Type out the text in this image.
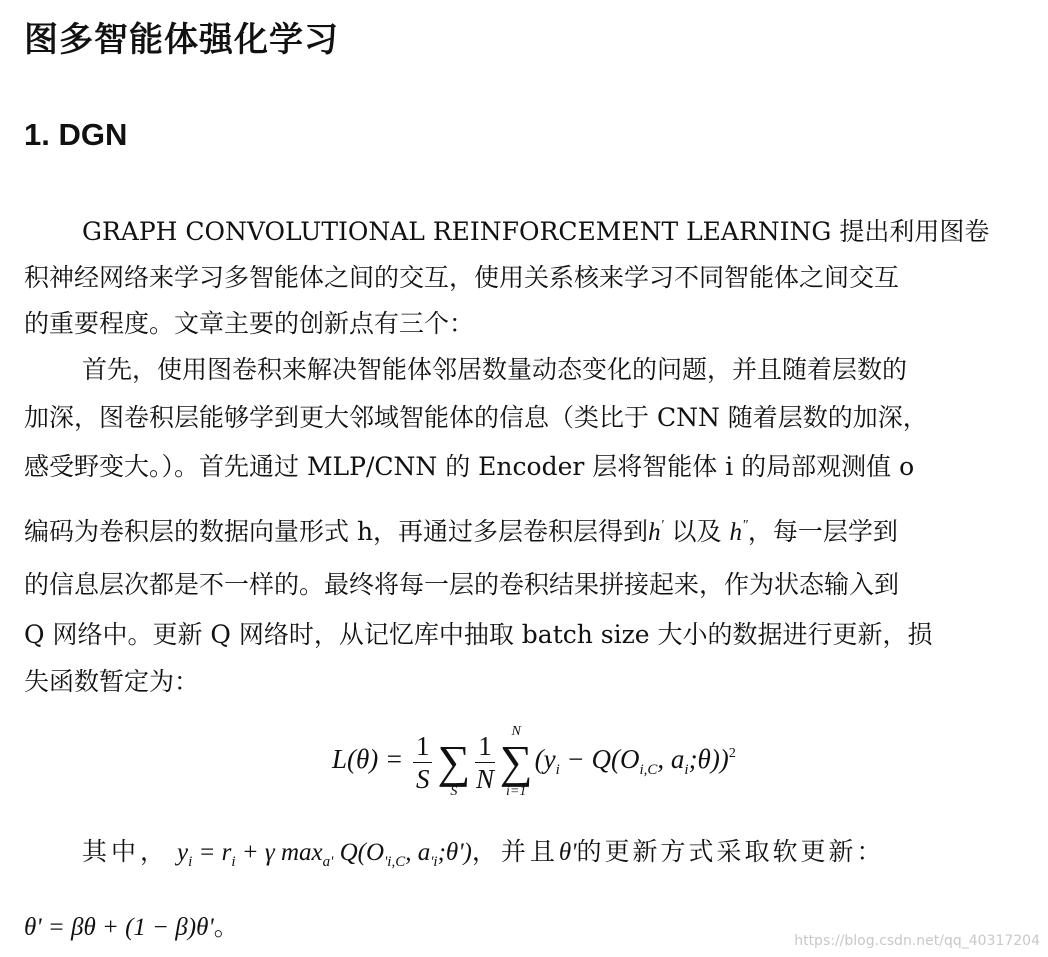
图多智能体强化学习
1. DGN
GRAPH CONVOLUTIONAL REINFORCEMENT LEARNING 提出利用图卷
积神经网络来学习多智能体之间的交互，使用关系核来学习不同智能体之间交互
的重要程度。文章主要的创新点有三个：
首先，使用图卷积来解决智能体邻居数量动态变化的问题，并且随着层数的
加深，图卷积层能够学到更大邻域智能体的信息（类比于 CNN 随着层数的加深，
感受野变大。）。首先通过 MLP/CNN 的 Encoder 层将智能体 i 的局部观测值 o
编码为卷积层的数据向量形式 h，再通过多层卷积层得到h' 以及 h"，每一层学到
的信息层次都是不一样的。最终将每一层的卷积结果拼接起来，作为状态输入到
Q 网络中。更新 Q 网络时，从记忆库中抽取 batch size 大小的数据进行更新，损
失函数暂定为：
$L(\theta) = \frac{1}{S}$ ∑
S $\frac{1}{N}$	N
∑
i=1
($y_i - Q(O_{i,C}$, $a_i;\theta))^2$
其中， $y_i = r_i + \gamma$ $\max_{a'} Q(O_{'i,C}$, $a_{'i};\theta'$)，并且θ'的更新方式采取软更新：
θ' = βθ + (1 − β)θ'。	https://blog.csdn.net/qq_40317204
